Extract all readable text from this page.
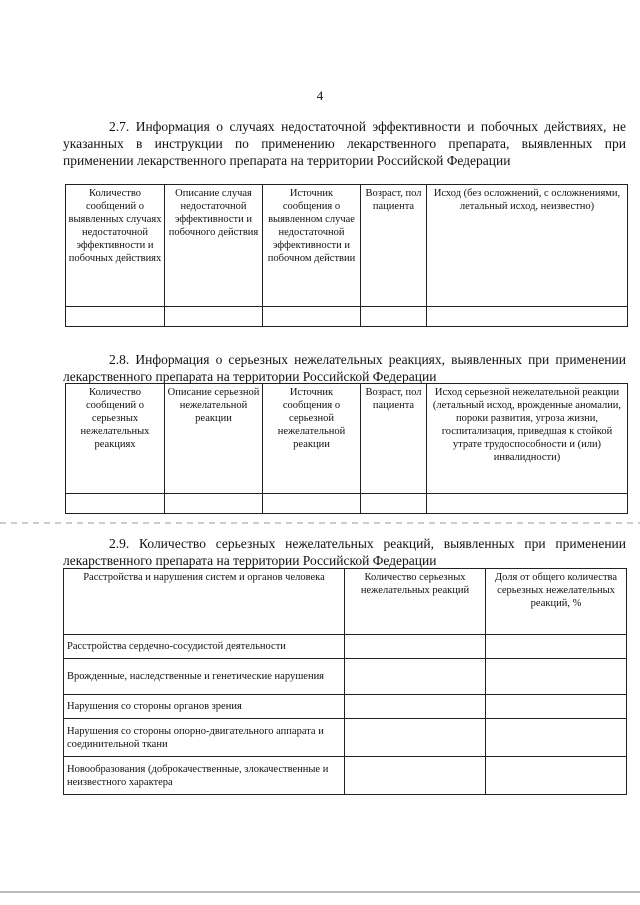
4
2.7. Информация о случаях недостаточной эффективности и побочных действиях, не указанных в инструкции по применению лекарственного препарата, выявленных при применении лекарственного препарата на территории Российской Федерации
Количество сообщений о выявленных случаях недостаточной эффективности и побочных действиях	Описание случая недостаточной эффективности и побочного действия	Источник сообщения о выявленном случае недостаточной эффективности и побочном действии	Возраст, пол пациента	Исход (без осложнений, с осложнениями, летальный исход, неизвестно)

2.8. Информация о серьезных нежелательных реакциях, выявленных при применении лекарственного препарата на территории Российской Федерации
Количество сообщений о серьезных нежелательных реакциях	Описание серьезной нежелательной реакции	Источник сообщения о серьезной нежелательной реакции	Возраст, пол пациента	Исход серьезной нежелательной реакции (летальный исход, врожденные аномалии, пороки развития, угроза жизни, госпитализация, приведшая к стойкой утрате трудоспособности и (или) инвалидности)

2.9. Количество серьезных нежелательных реакций, выявленных при применении лекарственного препарата на территории Российской Федерации
Расстройства и нарушения систем и органов человека	Количество серьезных нежелательных реакций	Доля от общего количества серьезных нежелательных реакций, %
Расстройства сердечно-сосудистой деятельности		
Врожденные, наследственные и генетические нарушения		
Нарушения со стороны органов зрения		
Нарушения со стороны опорно-двигательного аппарата и соединительной ткани		
Новообразования (доброкачественные, злокачественные и неизвестного характера		
